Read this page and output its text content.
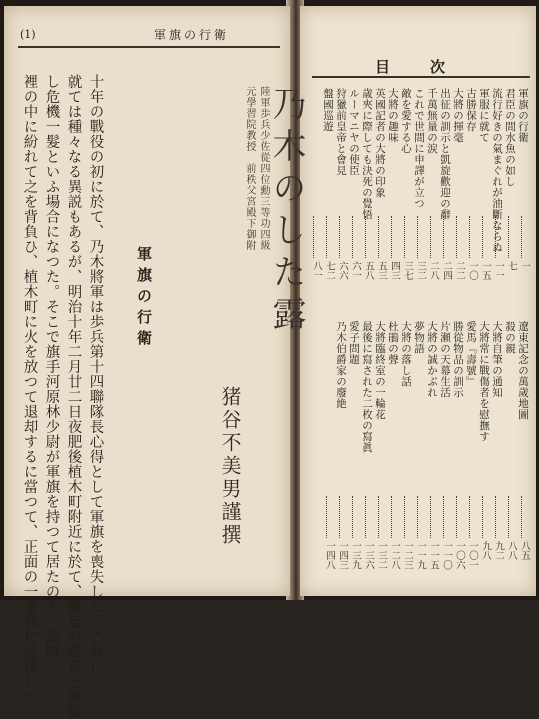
(1)	軍旗の行衛
陸軍歩兵少佐從四位勳三等功四級
元學習院教授　前秩父宮殿下御附
猪谷不美男謹撰
軍旗の行衛
十年の戰役の初に於て、乃木將軍は歩兵第十四聯隊長心得として軍旗を喪失した。これに
就ては種々なる異説もあるが、明治十年二月廿二日夜肥後植木町附近に於て、數倍の賊軍と激戰
し危機一髮といふ場合になつた。そこで旗手河原林少尉が軍旗を持つて居たのを、混戰
裡の中に紛れて之を背負ひ、植木町に火を放つて退却するに當つて、正面の一番我に近接した	乃木のした露
目次
軍旗の行衛
一
君臣の間水魚の如し
七
流行好きの氣まぐれが油斷ならぬ
一一
軍服に就て
一五
古勝保存
一〇
大將の揮毫
二二
出征の訓示と凱旋歡迎の辭
二四
千萬無量の涙
二八
これで世間に申譯が立つ
三二
敵を愛する心
三七
大將の趣味
四三
英國記者の大將の印象
五三
歳夾に際しても決死の覺悟
五八
ルーマニヤの使臣
六一
狩獵前皇帝と會見
六六
盤國巡遊
七二
八一
遼東記念の萬歲地圖
八五
殺の親
八八
大將自筆の通知
九二
大將常に戰傷者を慰撫す
九八
愛馬『壽號』
一〇一
勝從物品の訓示
一〇六
片瀬の天幕生活
一一〇
大將の誠かぶれ
一一五
夢物語
一一九
大將の落し話
一二三
杜鵑の聲
一二八
大將臨終室の一輪花
一三二
最後に寫された二枚の寫眞
一三六
愛子問題
一三九
乃木伯爵家の廢絶
一四三
一四八
